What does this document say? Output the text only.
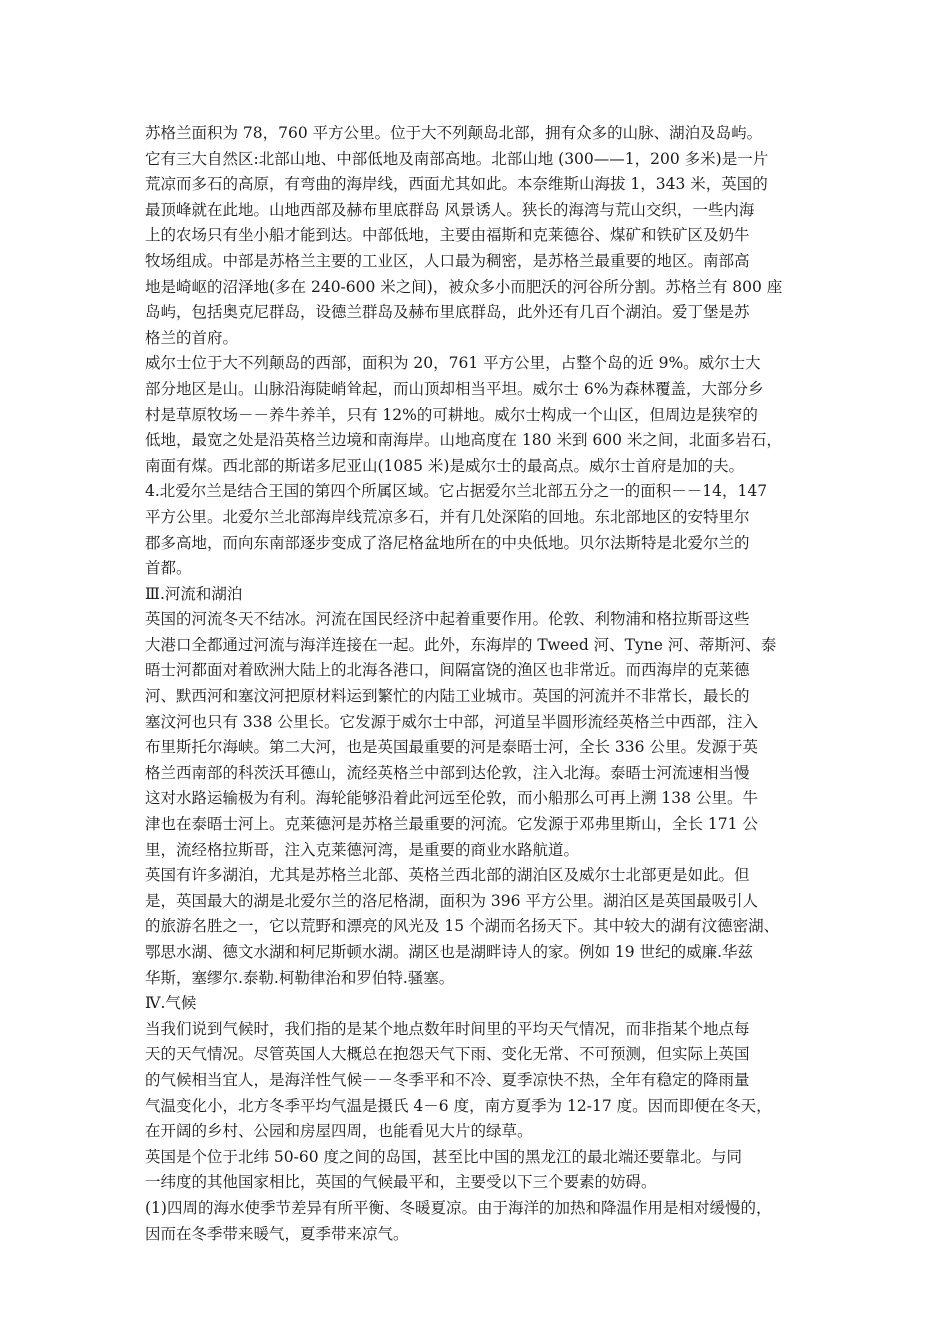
苏格兰面积为 78，760 平方公里。位于大不列颠岛北部，拥有众多的山脉、湖泊及岛屿。
它有三大自然区:北部山地、中部低地及南部高地。北部山地 (300——1，200 多米)是一片
荒凉而多石的高原，有弯曲的海岸线，西面尤其如此。本奈维斯山海拔 1，343 米，英国的
最顶峰就在此地。山地西部及赫布里底群岛 风景诱人。狭长的海湾与荒山交织，一些内海
上的农场只有坐小船才能到达。中部低地，主要由福斯和克莱德谷、煤矿和铁矿区及奶牛
牧场组成。中部是苏格兰主要的工业区，人口最为稠密，是苏格兰最重要的地区。南部高
地是崎岖的沼泽地(多在 240-600 米之间)，被众多小而肥沃的河谷所分割。苏格兰有 800 座
岛屿，包括奥克尼群岛，设德兰群岛及赫布里底群岛，此外还有几百个湖泊。爱丁堡是苏
格兰的首府。
威尔士位于大不列颠岛的西部，面积为 20，761 平方公里，占整个岛的近 9%。威尔士大
部分地区是山。山脉沿海陡峭耸起，而山顶却相当平坦。威尔士 6%为森林覆盖，大部分乡
村是草原牧场－－养牛养羊，只有 12%的可耕地。威尔士构成一个山区，但周边是狭窄的
低地，最宽之处是沿英格兰边境和南海岸。山地高度在 180 米到 600 米之间，北面多岩石，
南面有煤。西北部的斯诺多尼亚山(1085 米)是威尔士的最高点。威尔士首府是加的夫。
4.北爱尔兰是结合王国的第四个所属区域。它占据爱尔兰北部五分之一的面积－－14，147
平方公里。北爱尔兰北部海岸线荒凉多石，并有几处深陷的回地。东北部地区的安特里尔
郡多高地，而向东南部逐步变成了洛尼格盆地所在的中央低地。贝尔法斯特是北爱尔兰的
首都。
Ⅲ.河流和湖泊
英国的河流冬天不结冰。河流在国民经济中起着重要作用。伦敦、利物浦和格拉斯哥这些
大港口全都通过河流与海洋连接在一起。此外，东海岸的 Tweed 河、Tyne 河、蒂斯河、泰
晤士河都面对着欧洲大陆上的北海各港口，间隔富饶的渔区也非常近。而西海岸的克莱德
河、默西河和塞汶河把原材料运到繁忙的内陆工业城市。英国的河流并不非常长，最长的
塞汶河也只有 338 公里长。它发源于威尔士中部，河道呈半圆形流经英格兰中西部，注入
布里斯托尔海峡。第二大河，也是英国最重要的河是泰晤士河，全长 336 公里。发源于英
格兰西南部的科茨沃耳德山，流经英格兰中部到达伦敦，注入北海。泰晤士河流速相当慢
这对水路运输极为有利。海轮能够沿着此河远至伦敦，而小船那么可再上溯 138 公里。牛
津也在泰晤士河上。克莱德河是苏格兰最重要的河流。它发源于邓弗里斯山，全长 171 公
里，流经格拉斯哥，注入克莱德河湾，是重要的商业水路航道。
英国有许多湖泊，尤其是苏格兰北部、英格兰西北部的湖泊区及威尔士北部更是如此。但
是，英国最大的湖是北爱尔兰的洛尼格湖，面积为 396 平方公里。湖泊区是英国最吸引人
的旅游名胜之一，它以荒野和漂亮的风光及 15 个湖而名扬天下。其中较大的湖有汶德密湖、
鄂思水湖、德文水湖和柯尼斯顿水湖。湖区也是湖畔诗人的家。例如 19 世纪的威廉.华兹
华斯，塞缪尔.泰勒.柯勒律治和罗伯特.骚塞。
Ⅳ.气候
当我们说到气候时，我们指的是某个地点数年时间里的平均天气情况，而非指某个地点每
天的天气情况。尽管英国人大概总在抱怨天气下雨、变化无常、不可预测，但实际上英国
的气候相当宜人，是海洋性气候－－冬季平和不冷、夏季凉快不热，全年有稳定的降雨量
气温变化小，北方冬季平均气温是摄氏 4－6 度，南方夏季为 12-17 度。因而即便在冬天，
在开阔的乡村、公园和房屋四周，也能看见大片的绿草。
英国是个位于北纬 50-60 度之间的岛国，甚至比中国的黑龙江的最北端还要靠北。与同
一纬度的其他国家相比，英国的气候最平和，主要受以下三个要素的妨碍。
(1)四周的海水使季节差异有所平衡、冬暖夏凉。由于海洋的加热和降温作用是相对缓慢的，
因而在冬季带来暖气，夏季带来凉气。
